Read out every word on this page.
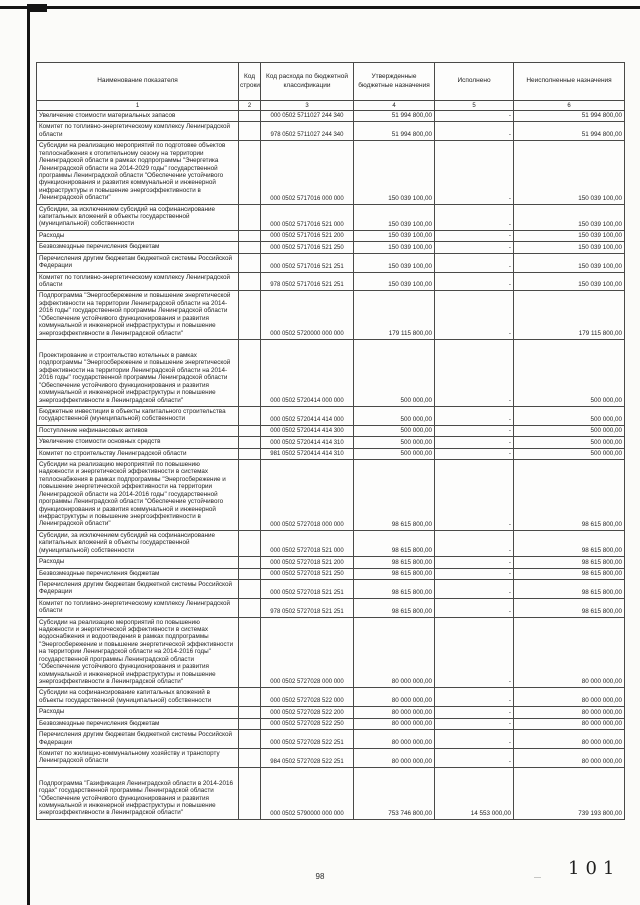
Наименование показателя	Код строки	Код расхода по бюджетной классификации	Утвержденные бюджетные назначения	Исполнено	Неисполненные назначения
1	2	3	4	5	6
Увеличение стоимости материальных запасов		000 0502 5711027 244 340	51 994 800,00	-	51 994 800,00
Комитет по топливно-энергетическому комплексу Ленинградской области		978 0502 5711027 244 340	51 994 800,00	-	51 994 800,00
Субсидии на реализацию мероприятий по подготовке объектов теплоснабжения к отопительному сезону на территории Ленинградской области в рамках подпрограммы "Энергетика Ленинградской области на 2014-2029 годы" государственной программы Ленинградской области "Обеспечение устойчивого функционирования и развития коммунальной и инженерной инфраструктуры и повышение энергоэффективности в Ленинградской области"		000 0502 5717016 000 000	150 039 100,00	-	150 039 100,00
Субсидии, за исключением субсидий на софинансирование капитальных вложений в объекты государственной (муниципальной) собственности		000 0502 5717016 521 000	150 039 100,00	-	150 039 100,00
Расходы		000 0502 5717016 521 200	150 039 100,00	-	150 039 100,00
Безвозмездные перечисления бюджетам		000 0502 5717016 521 250	150 039 100,00	-	150 039 100,00
Перечисления другим бюджетам бюджетной системы Российской Федерации		000 0502 5717016 521 251	150 039 100,00	-	150 039 100,00
Комитет по топливно-энергетическому комплексу Ленинградской области		978 0502 5717016 521 251	150 039 100,00	-	150 039 100,00
Подпрограмма "Энергосбережение и повышение энергетической эффективности на территории Ленинградской области на 2014-2016 годы" государственной программы Ленинградской области "Обеспечение устойчивого функционирования и развития коммунальной и инженерной инфраструктуры и повышение энергоэффективности в Ленинградской области"		000 0502 5720000 000 000	179 115 800,00	-	179 115 800,00
Проектирование и строительство котельных в рамках подпрограммы "Энергосбережение и повышение энергетической эффективности на территории Ленинградской области на 2014-2016 годы" государственной программы Ленинградской области "Обеспечение устойчивого функционирования и развития коммунальной и инженерной инфраструктуры и повышение энергоэффективности в Ленинградской области"		000 0502 5720414 000 000	500 000,00	-	500 000,00
Бюджетные инвестиции в объекты капитального строительства государственной (муниципальной) собственности		000 0502 5720414 414 000	500 000,00	-	500 000,00
Поступление нефинансовых активов		000 0502 5720414 414 300	500 000,00	-	500 000,00
Увеличение стоимости основных средств		000 0502 5720414 414 310	500 000,00	-	500 000,00
Комитет по строительству Ленинградской области		981 0502 5720414 414 310	500 000,00	-	500 000,00
Субсидии на реализацию мероприятий по повышению надежности и энергетической эффективности в системах теплоснабжения в рамках подпрограммы "Энергосбережение и повышение энергетической эффективности на территории Ленинградской области на 2014-2016 годы" государственной программы Ленинградской области "Обеспечение устойчивого функционирования и развития коммунальной и инженерной инфраструктуры и повышение энергоэффективности в Ленинградской области"		000 0502 5727018 000 000	98 615 800,00	-	98 615 800,00
Субсидии, за исключением субсидий на софинансирование капитальных вложений в объекты государственной (муниципальной) собственности		000 0502 5727018 521 000	98 615 800,00	-	98 615 800,00
Расходы		000 0502 5727018 521 200	98 615 800,00	-	98 615 800,00
Безвозмездные перечисления бюджетам		000 0502 5727018 521 250	98 615 800,00	-	98 615 800,00
Перечисления другим бюджетам бюджетной системы Российской Федерации		000 0502 5727018 521 251	98 615 800,00	-	98 615 800,00
Комитет по топливно-энергетическому комплексу Ленинградской области		978 0502 5727018 521 251	98 615 800,00	-	98 615 800,00
Субсидии на реализацию мероприятий по повышению надежности и энергетической эффективности в системах водоснабжения и водоотведения в рамках подпрограммы "Энергосбережение и повышение энергетической эффективности на территории Ленинградской области на 2014-2016 годы" государственной программы Ленинградской области "Обеспечение устойчивого функционирования и развития коммунальной и инженерной инфраструктуры и повышение энергоэффективности в Ленинградской области"		000 0502 5727028 000 000	80 000 000,00	-	80 000 000,00
Субсидии на софинансирование капитальных вложений в объекты государственной (муниципальной) собственности		000 0502 5727028 522 000	80 000 000,00	-	80 000 000,00
Расходы		000 0502 5727028 522 200	80 000 000,00	-	80 000 000,00
Безвозмездные перечисления бюджетам		000 0502 5727028 522 250	80 000 000,00	-	80 000 000,00
Перечисления другим бюджетам бюджетной системы Российской Федерации		000 0502 5727028 522 251	80 000 000,00	-	80 000 000,00
Комитет по жилищно-коммунальному хозяйству и транспорту Ленинградской области		984 0502 5727028 522 251	80 000 000,00	-	80 000 000,00
Подпрограмма "Газификация Ленинградской области в 2014-2016 годах" государственной программы Ленинградской области "Обеспечение устойчивого функционирования и развития коммунальной и инженерной инфраструктуры и повышение энергоэффективности в Ленинградской области"		000 0502 5790000 000 000	753 746 800,00	14 553 000,00	739 193 800,00
98	— 101
